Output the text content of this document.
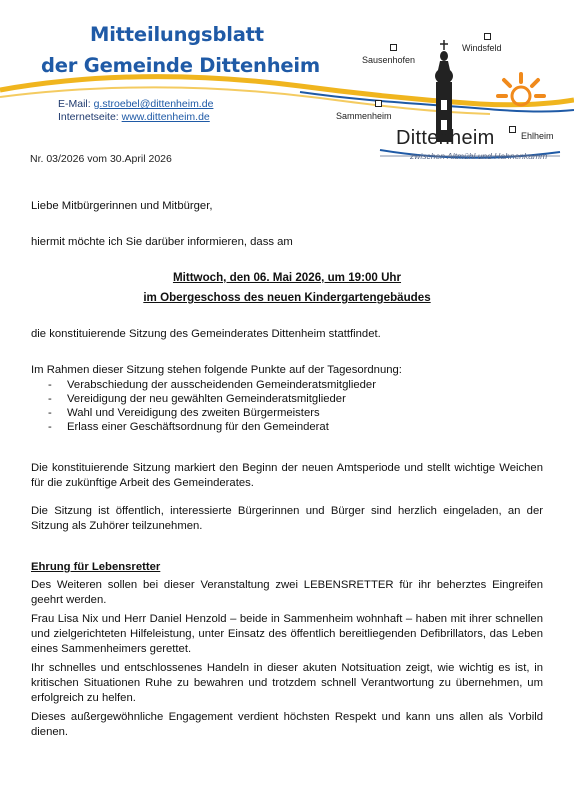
Mitteilungsblatt
der Gemeinde Dittenheim
E-Mail: g.stroebel@dittenheim.de
Internetseite: www.dittenheim.de
Sausenhofen
Windsfeld
Sammenheim
Ehlheim
Dittenheim
zwischen Altmühl und Hahnenkamm
Nr. 03/2026 vom 30.April 2026
Liebe Mitbürgerinnen und Mitbürger,
hiermit möchte ich Sie darüber informieren, dass am
Mittwoch, den 06. Mai 2026, um 19:00 Uhr
im Obergeschoss des neuen Kindergartengebäudes
die konstituierende Sitzung des Gemeinderates Dittenheim stattfindet.
Im Rahmen dieser Sitzung stehen folgende Punkte auf der Tagesordnung:
- Verabschiedung der ausscheidenden Gemeinderatsmitglieder
- Vereidigung der neu gewählten Gemeinderatsmitglieder
- Wahl und Vereidigung des zweiten Bürgermeisters
- Erlass einer Geschäftsordnung für den Gemeinderat
Die konstituierende Sitzung markiert den Beginn der neuen Amtsperiode und stellt wichtige Weichen für die zukünftige Arbeit des Gemeinderates.
Die Sitzung ist öffentlich, interessierte Bürgerinnen und Bürger sind herzlich eingeladen, an der Sitzung als Zuhörer teilzunehmen.
Ehrung für Lebensretter
Des Weiteren sollen bei dieser Veranstaltung zwei LEBENSRETTER für ihr beherztes Eingreifen geehrt werden.
Frau Lisa Nix und Herr Daniel Henzold – beide in Sammenheim wohnhaft – haben mit ihrer schnellen und zielgerichteten Hilfeleistung, unter Einsatz des öffentlich bereitliegenden Defibrillators, das Leben eines Sammenheimers gerettet.
Ihr schnelles und entschlossenes Handeln in dieser akuten Notsituation zeigt, wie wichtig es ist, in kritischen Situationen Ruhe zu bewahren und trotzdem schnell Verantwortung zu übernehmen, um erfolgreich zu helfen.
Dieses außergewöhnliche Engagement verdient höchsten Respekt und kann uns allen als Vorbild dienen.
